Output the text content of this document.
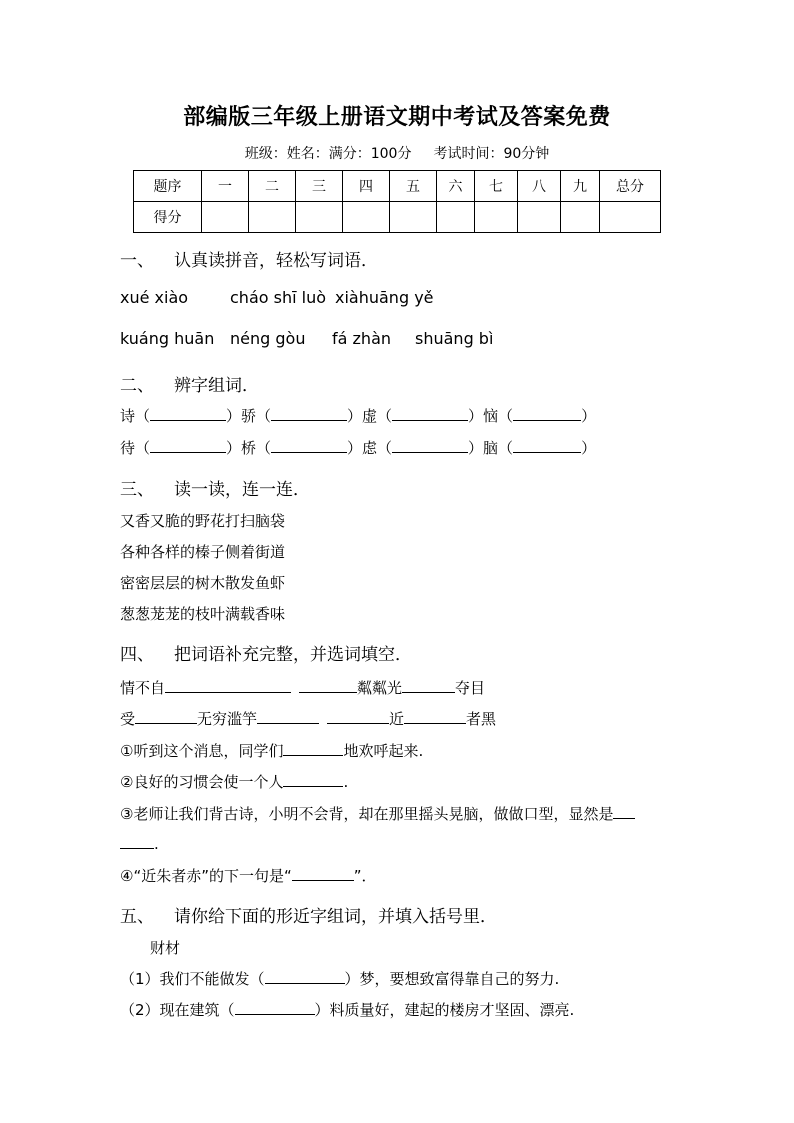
部编版三年级上册语文期中考试及答案免费
班级：姓名：满分：100分 考试时间：90分钟
题序	一	二	三	四	五	六	七	八	九	总分
得分										
一、 认真读拼音，轻松写词语．
xué xiào	cháo shī luò xiàhuāng yě
kuáng huān néng gòu fá zhàn shuāng bì
二、 辨字组词．
诗（	）骄（	）虚（	）恼（	）
待（	）桥（	）虑（	）脑（	）
三、 读一读，连一连．
又香又脆的野花打扫脑袋
各种各样的榛子侧着街道
密密层层的树木散发鱼虾
葱葱茏茏的枝叶满载香味
四、 把词语补充完整，并选词填空．
情不自	粼粼光	夺目
受	无穷滥竽	近	者黑
①听到这个消息，同学们	地欢呼起来.
②良好的习惯会使一个人	.
③老师让我们背古诗，小明不会背，却在那里摇头晃脑，做做口型，显然是
.
④“近朱者赤”的下一句是“	”．
五、 请你给下面的形近字组词，并填入括号里．
财材
（1）我们不能做发（	）梦，要想致富得靠自己的努力.
（2）现在建筑（	）料质量好，建起的楼房才坚固、漂亮.
